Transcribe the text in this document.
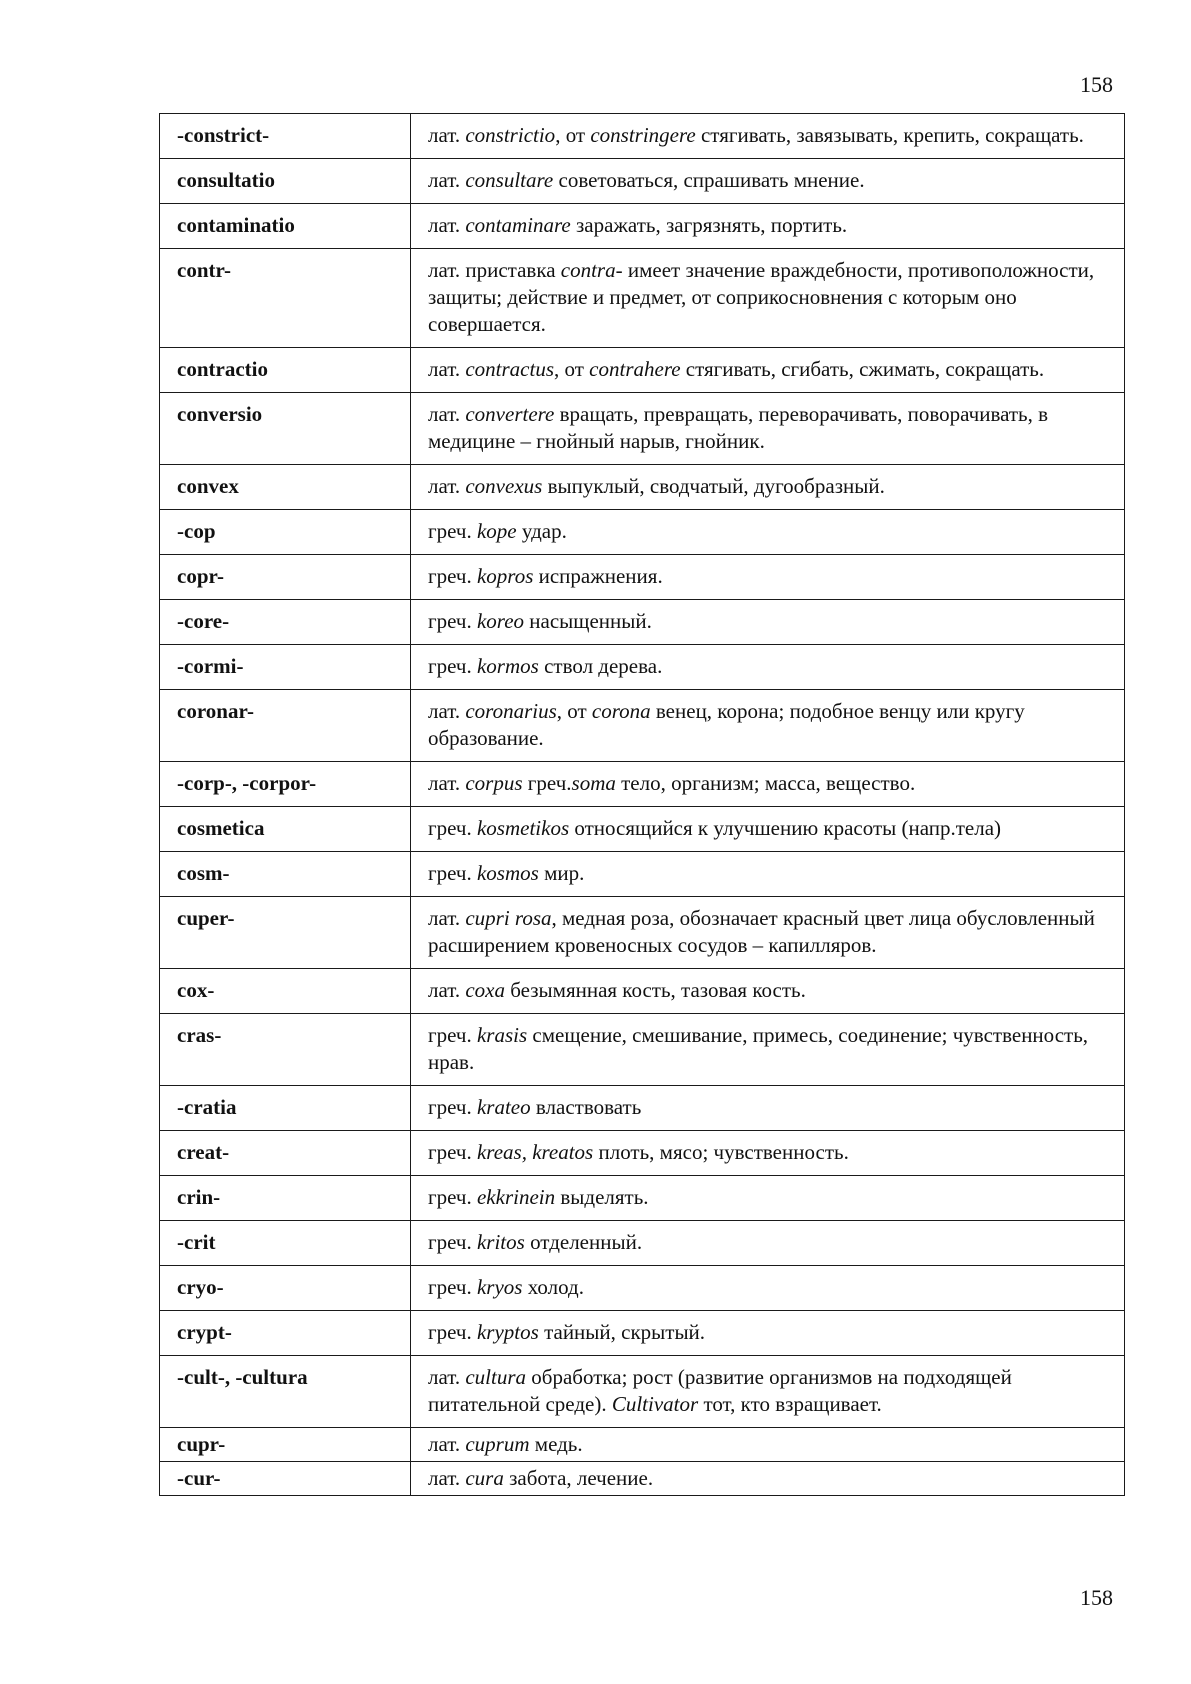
158
-constrict-	лат. constrictio, от constringere стягивать, завязывать, крепить, сокращать.
consultatio	лат. consultare советоваться, спрашивать мнение.
contaminatio	лат. contaminare заражать, загрязнять, портить.
contr-	лат. приставка contra- имеет значение враждебности, противоположности, защиты; действие и предмет, от соприкосновнения с которым оно совершается.
contractio	лат. contractus, от contrahere стягивать, сгибать, сжимать, сокращать.
conversio	лат. convertere вращать, превращать, переворачивать, поворачивать, в медицине – гнойный нарыв, гнойник.
convex	лат. convexus выпуклый, сводчатый, дугообразный.
-cop	греч. kope удар.
copr-	греч. kopros испражнения.
-core-	греч. koreo насыщенный.
-cormi-	греч. kormos ствол дерева.
coronar-	лат. coronarius, от corona венец, корона; подобное венцу или кругу образование.
-corp-, -corpor-	лат. corpus греч.soma тело, организм; масса, вещество.
cosmetica	греч. kosmetikos относящийся к улучшению красоты (напр.тела)
cosm-	греч. kosmos мир.
cuper-	лат. cupri rosa, медная роза, обозначает красный цвет лица обусловленный расширением кровеносных сосудов – капилляров.
cox-	лат. coxa безымянная кость, тазовая кость.
cras-	греч. krasis смещение, смешивание, примесь, соединение; чувственность, нрав.
-cratia	греч. krateo властвовать
creat-	греч. kreas, kreatos плоть, мясо; чувственность.
crin-	греч. ekkrinein выделять.
-crit	греч. kritos отделенный.
cryo-	греч. kryos холод.
crypt-	греч. kryptos тайный, скрытый.
-cult-, -cultura	лат. cultura обработка; рост (развитие организмов на подходящей питательной среде). Cultivator тот, кто взращивает.
cupr-	лат. cuprum медь.
-cur-	лат. cura забота, лечение.
158
